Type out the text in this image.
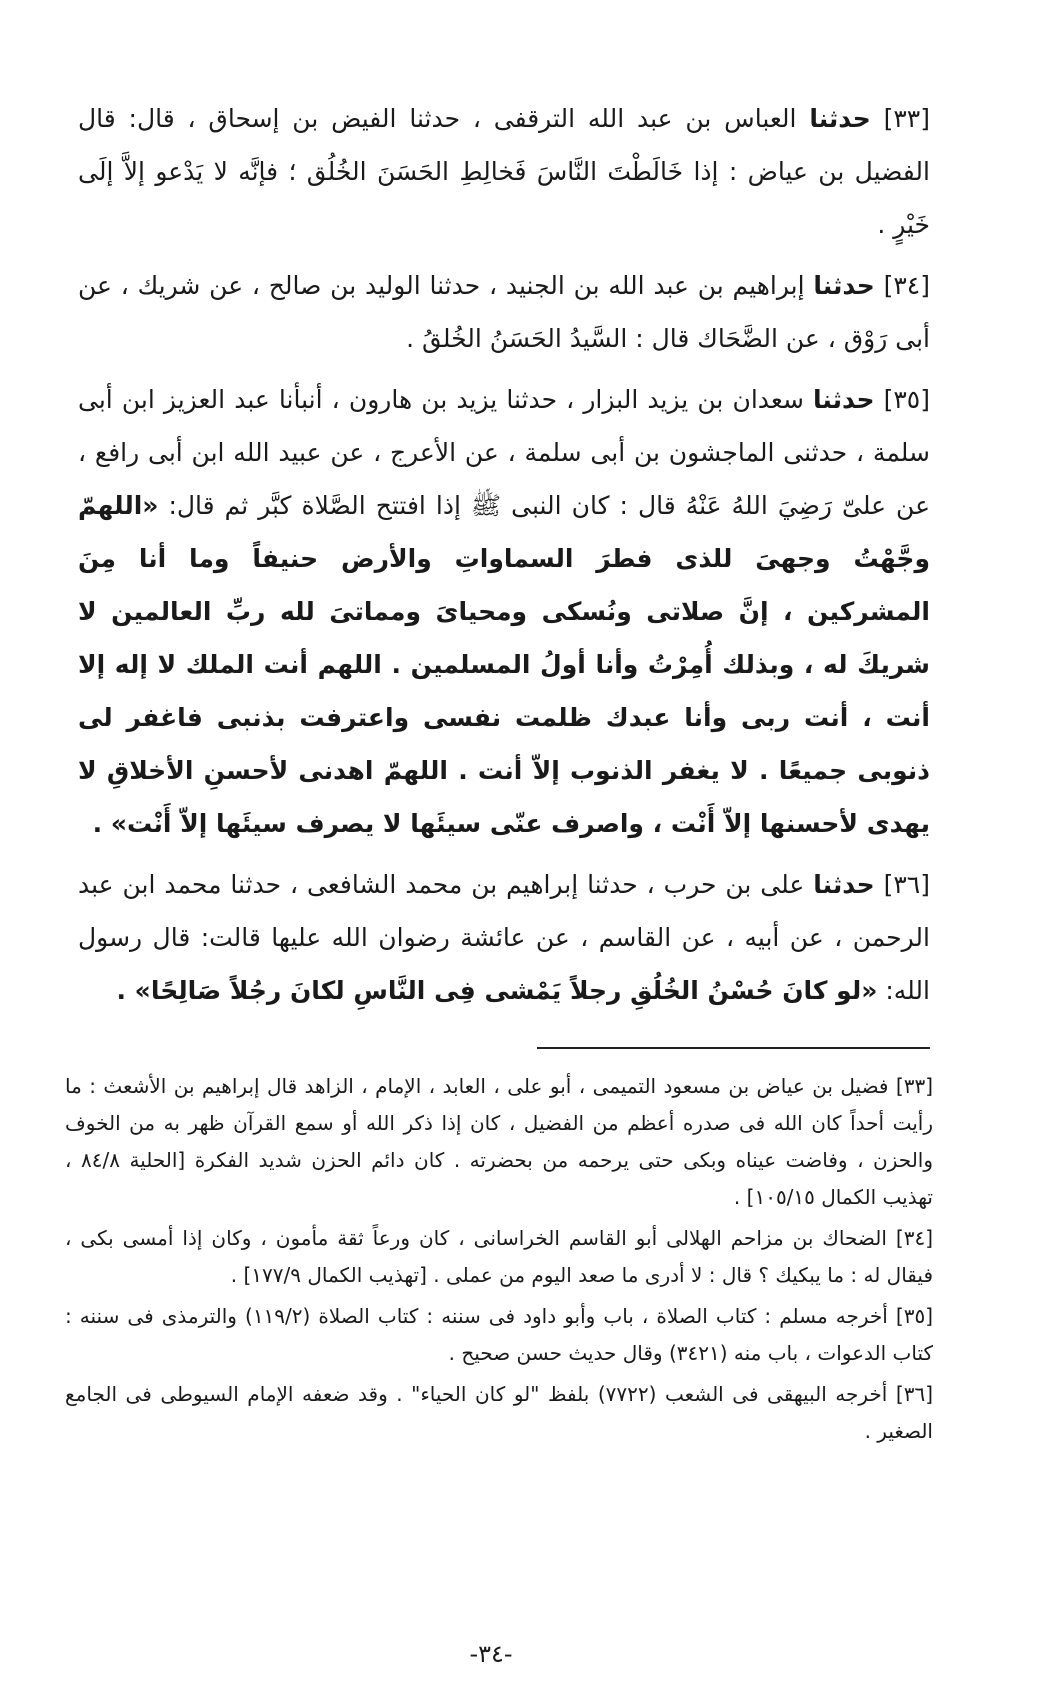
[٣٣] حدثنا العباس بن عبد الله الترقفى ، حدثنا الفيض بن إسحاق ، قال: قال الفضيل بن عياض : إذا خَالَطْتَ النَّاسَ فَخالِطِ الحَسَنَ الخُلُق ؛ فإنَّه لا يَدْعو إلاَّ إلَى خَيْرٍ .

[٣٤] حدثنا إبراهيم بن عبد الله بن الجنيد ، حدثنا الوليد بن صالح ، عن شريك ، عن أبى رَوْق ، عن الضَّحَاك قال : السَّيدُ الحَسَنُ الخُلقُ .

[٣٥] حدثنا سعدان بن يزيد البزار ، حدثنا يزيد بن هارون ، أنبأنا عبد العزيز ابن أبى سلمة ، حدثنى الماجشون بن أبى سلمة ، عن الأعرج ، عن عبيد الله ابن أبى رافع ، عن علىّ رَضِيَ اللهُ عَنْهُ قال : كان النبى ﷺ إذا افتتح الصَّلاة كبَّر ثم قال: «اللهمّ وجَّهْتُ وجهىَ للذى فطرَ السماواتِ والأرض حنيفاً وما أنا مِنَ المشركين ، إنَّ صلاتى ونُسكى ومحياىَ ومماتىَ لله ربِّ العالمين لا شريكَ له ، وبذلك أُمِرْتُ وأنا أولُ المسلمين . اللهم أنت الملك لا إله إلا أنت ، أنت ربى وأنا عبدك ظلمت نفسى واعترفت بذنبى فاغفر لى ذنوبى جميعًا . لا يغفر الذنوب إلاّ أنت . اللهمّ اهدنى لأحسنِ الأخلاقِ لا يهدى لأحسنها إلاّ أَنْت ، واصرف عنّى سيئَها لا يصرف سيئَها إلاّ أَنْت» .

[٣٦] حدثنا على بن حرب ، حدثنا إبراهيم بن محمد الشافعى ، حدثنا محمد ابن عبد الرحمن ، عن أبيه ، عن القاسم ، عن عائشة رضوان الله عليها قالت: قال رسول الله: «لو كانَ حُسْنُ الخُلُقِ رجلاً يَمْشى فِى النَّاسِ لكانَ رجُلاً صَالِحًا» .

[٣٣] فضيل بن عياض بن مسعود التميمى ، أبو على ، العابد ، الإمام ، الزاهد قال إبراهيم بن الأشعث : ما رأيت أحداً كان الله فى صدره أعظم من الفضيل ، كان إذا ذكر الله أو سمع القرآن ظهر به من الخوف والحزن ، وفاضت عيناه وبكى حتى يرحمه من بحضرته . كان دائم الحزن شديد الفكرة [الحلية ٨٤/٨ ، تهذيب الكمال ١٠٥/١٥] .

[٣٤] الضحاك بن مزاحم الهلالى أبو القاسم الخراسانى ، كان ورعاً ثقة مأمون ، وكان إذا أمسى بكى ، فيقال له : ما يبكيك ؟ قال : لا أدرى ما صعد اليوم من عملى . [تهذيب الكمال ١٧٧/٩] .

[٣٥] أخرجه مسلم : كتاب الصلاة ، باب وأبو داود فى سننه : كتاب الصلاة (١١٩/٢) والترمذى فى سننه : كتاب الدعوات ، باب منه (٣٤٢١) وقال حديث حسن صحيح .

[٣٦] أخرجه البيهقى فى الشعب (٧٧٢٢) بلفظ "لو كان الحياء" . وقد ضعفه الإمام السيوطى فى الجامع الصغير .

-٣٤-
